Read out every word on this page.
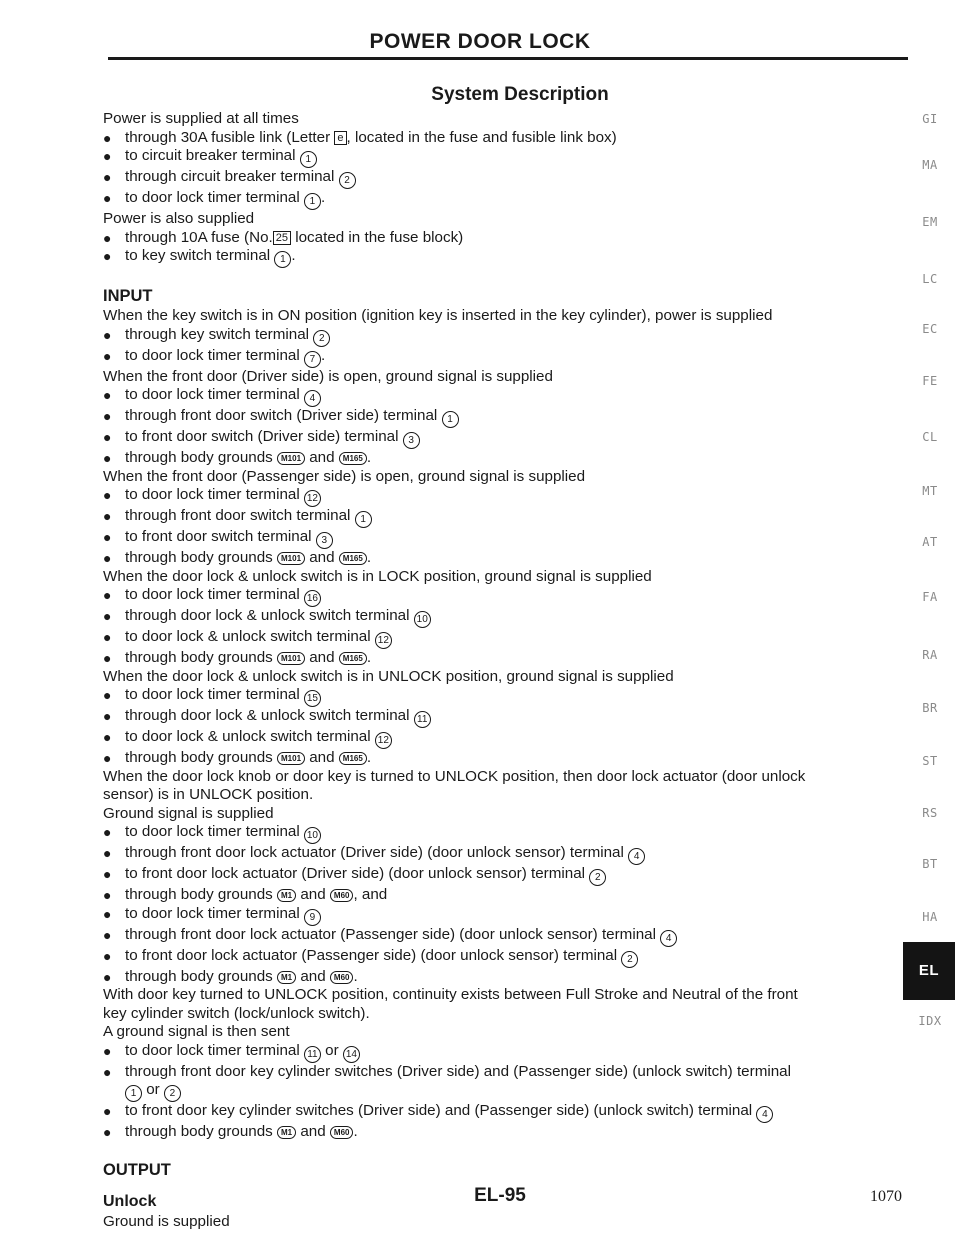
POWER DOOR LOCK
System Description
Power is supplied at all times
● through 30A fusible link (Letter e , located in the fuse and fusible link box)
● to circuit breaker terminal 1
● through circuit breaker terminal 2
● to door lock timer terminal 1 .
Power is also supplied
● through 10A fuse (No. 25 located in the fuse block)
● to key switch terminal 1 .
INPUT
When the key switch is in ON position (ignition key is inserted in the key cylinder), power is supplied
● through key switch terminal 2
● to door lock timer terminal 7 .
When the front door (Driver side) is open, ground signal is supplied
● to door lock timer terminal 4
● through front door switch (Driver side) terminal 1
● to front door switch (Driver side) terminal 3
● through body grounds M101 and M165 .
When the front door (Passenger side) is open, ground signal is supplied
● to door lock timer terminal 12
● through front door switch terminal 1
● to front door switch terminal 3
● through body grounds M101 and M165 .
When the door lock & unlock switch is in LOCK position, ground signal is supplied
● to door lock timer terminal 16
● through door lock & unlock switch terminal 10
● to door lock & unlock switch terminal 12
● through body grounds M101 and M165 .
When the door lock & unlock switch is in UNLOCK position, ground signal is supplied
● to door lock timer terminal 15
● through door lock & unlock switch terminal 11
● to door lock & unlock switch terminal 12
● through body grounds M101 and M165 .
When the door lock knob or door key is turned to UNLOCK position, then door lock actuator (door unlock
sensor) is in UNLOCK position.
Ground signal is supplied
● to door lock timer terminal 10
● through front door lock actuator (Driver side) (door unlock sensor) terminal 4
● to front door lock actuator (Driver side) (door unlock sensor) terminal 2
● through body grounds M1 and M60 , and
● to door lock timer terminal 9
● through front door lock actuator (Passenger side) (door unlock sensor) terminal 4
● to front door lock actuator (Passenger side) (door unlock sensor) terminal 2
● through body grounds M1 and M60 .
With door key turned to UNLOCK position, continuity exists between Full Stroke and Neutral of the front
key cylinder switch (lock/unlock switch).
A ground signal is then sent
● to door lock timer terminal 11 or 14
● through front door key cylinder switches (Driver side) and (Passenger side) (unlock switch) terminal
1 or 2
● to front door key cylinder switches (Driver side) and (Passenger side) (unlock switch) terminal 4
● through body grounds M1 and M60 .
OUTPUT
Unlock
Ground is supplied
GI
MA
EM
LC
EC
FE
CL
MT
AT
FA
RA
BR
ST
RS
BT
HA
EL
IDX
EL-95	1070
